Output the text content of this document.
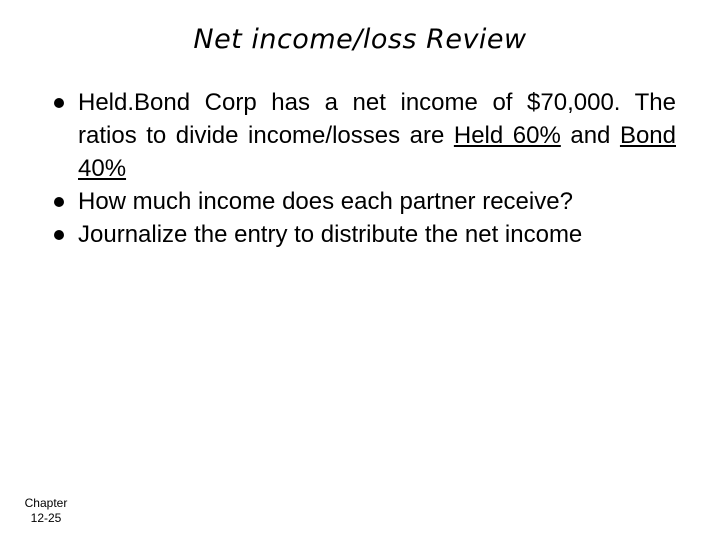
Net income/loss Review
Held.Bond Corp has a net income of $70,000. The ratios to divide income/losses are Held 60% and Bond 40%
How much income does each partner receive?
Journalize the entry to distribute the net income
Chapter
12-25
